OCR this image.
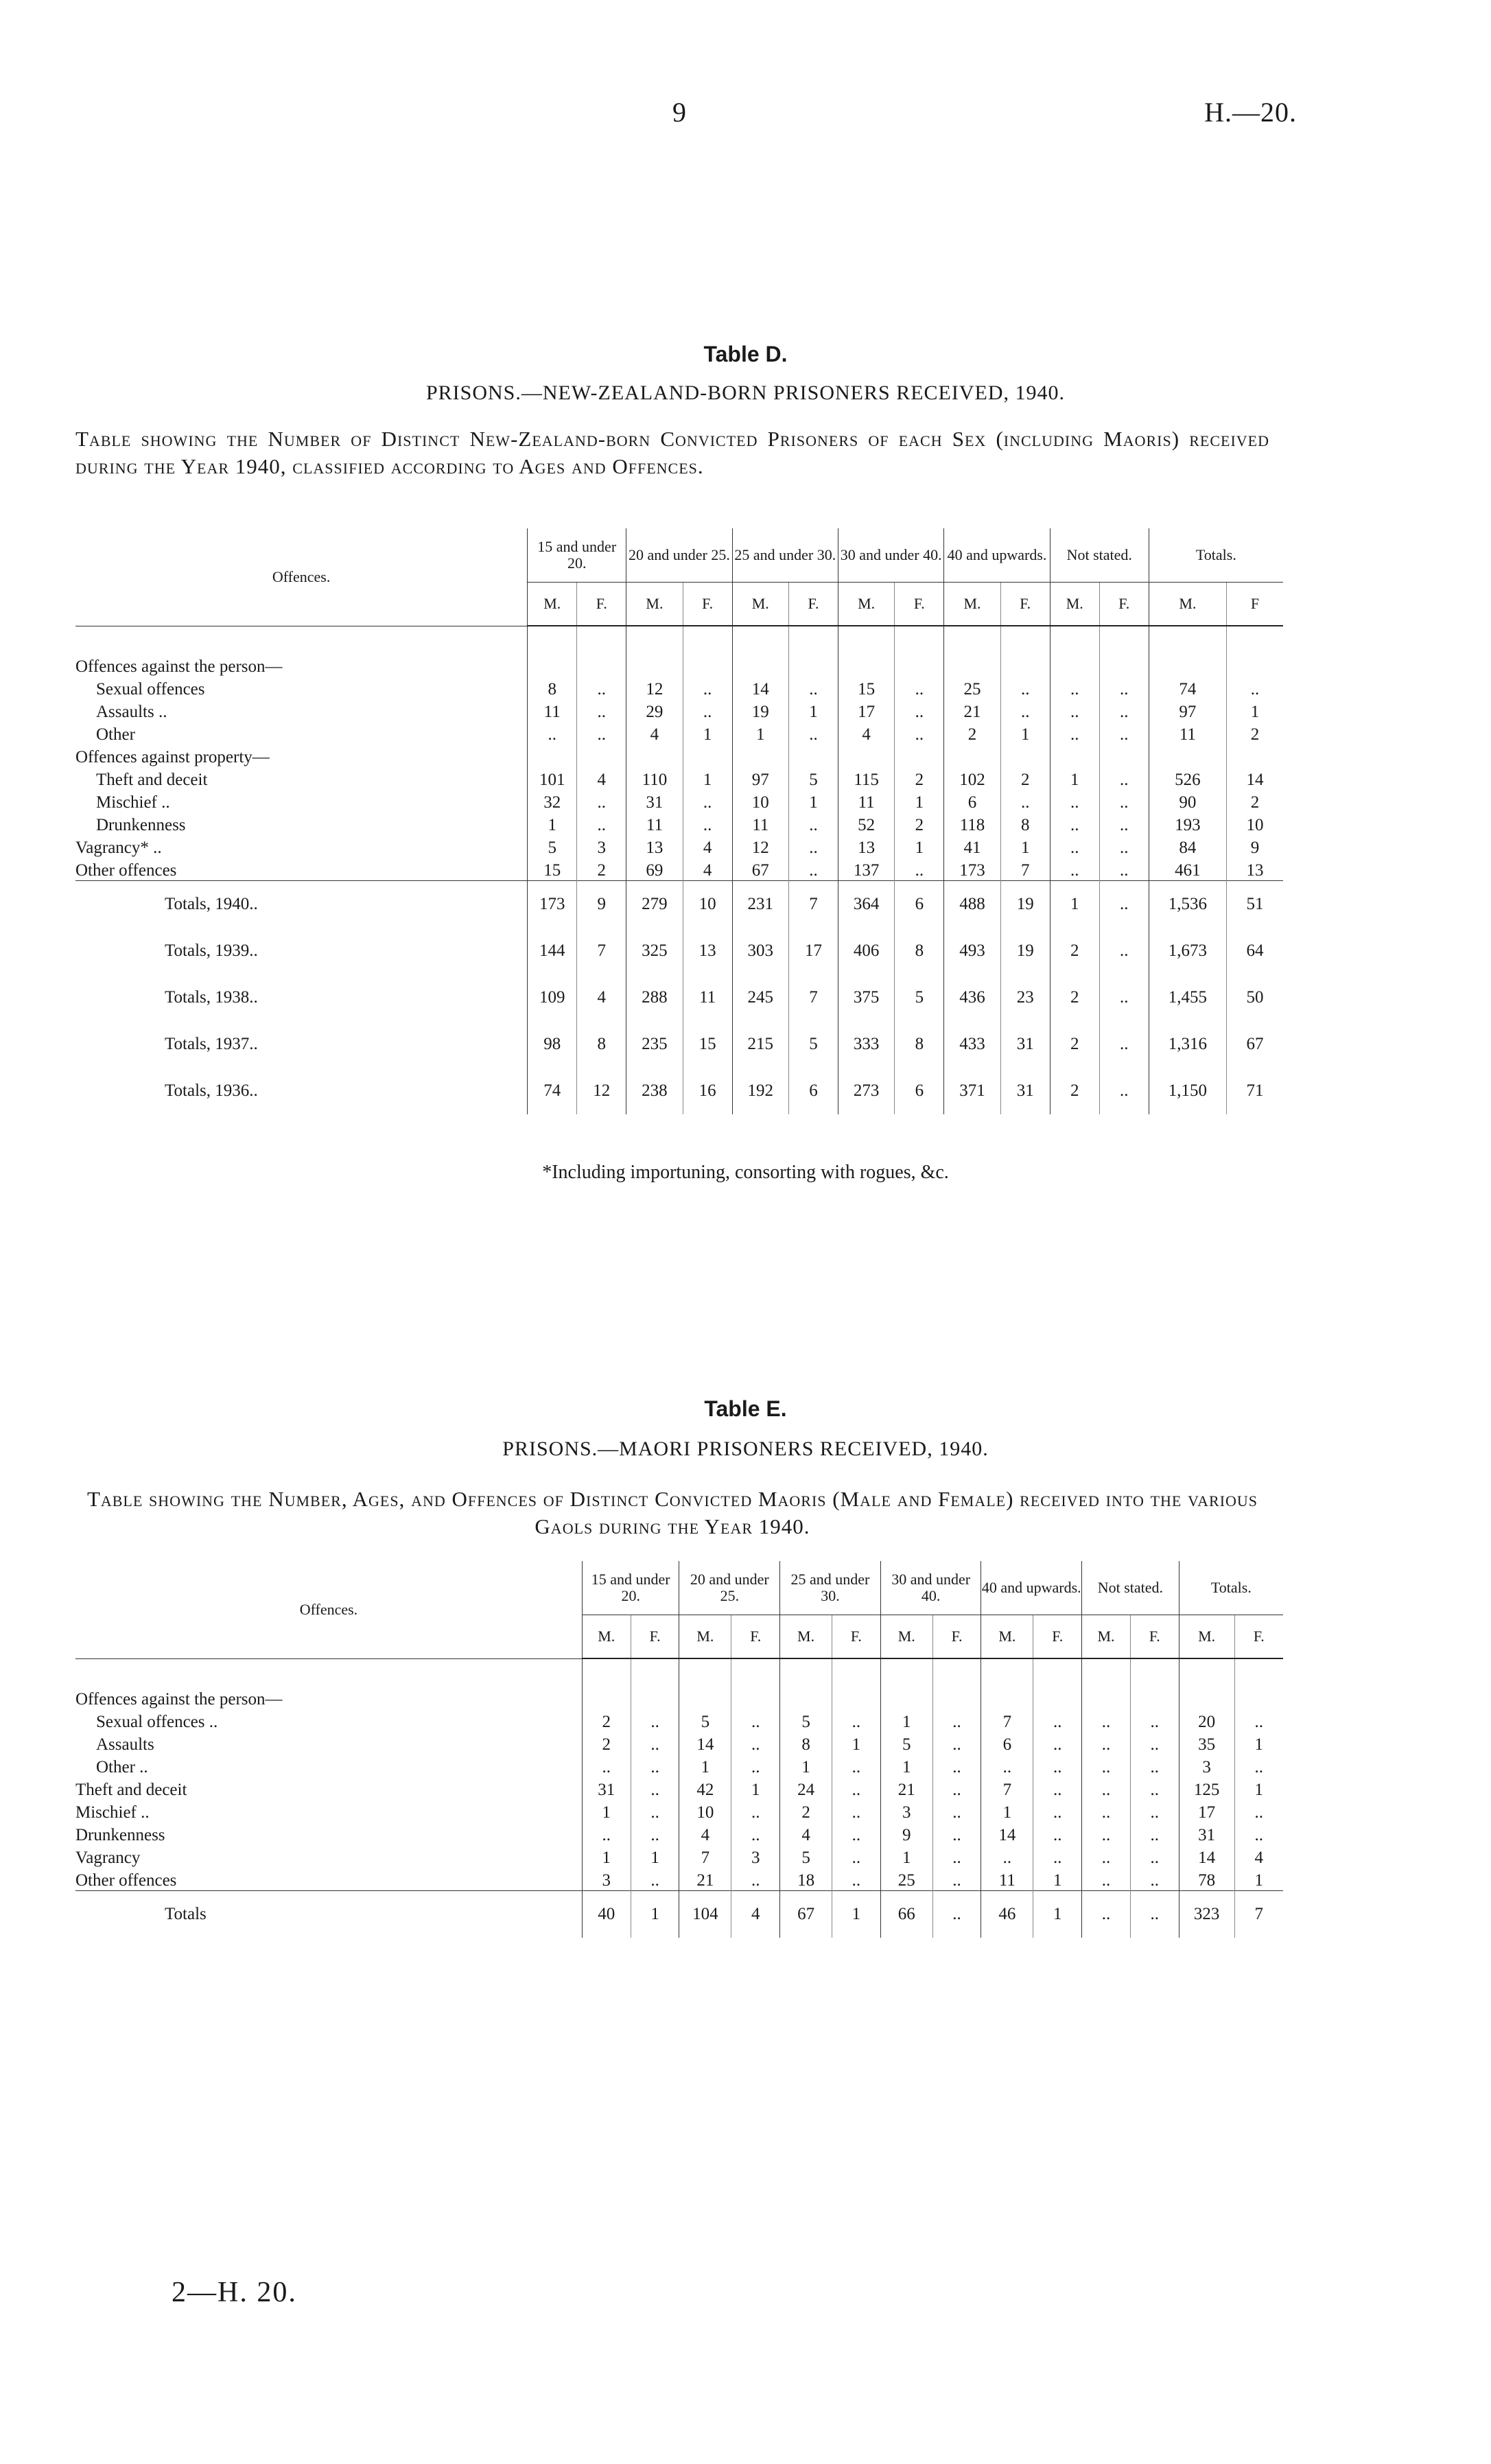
9	H.—20.
Table D.
PRISONS.—NEW-ZEALAND-BORN PRISONERS RECEIVED, 1940.
Table showing the Number of Distinct New-Zealand-born Convicted Prisoners of each Sex (including Maoris) received during the Year 1940, classified according to Ages and Offences.
Offences.	15 and under 20.		20 and under 25.		25 and under 30.		30 and under 40.		40 and upwards.		Not stated.		Totals.	
	M.	F.	M.	F.	M.	F.	M.	F.	M.	F.	M.	F.	M.	F
Offences against the person—														
Sexual offences	8	..	12	..	14	..	15	..	25	..	..	..	74	..
Assaults ..	11	..	29	..	19	1	17	..	21	..	..	..	97	1
Other	..	..	4	1	1	..	4	..	2	1	..	..	11	2
Offences against property—														
Theft and deceit	101	4	110	1	97	5	115	2	102	2	1	..	526	14
Mischief ..	32	..	31	..	10	1	11	1	6	..	..	..	90	2
Drunkenness	1	..	11	..	11	..	52	2	118	8	..	..	193	10
Vagrancy* ..	5	3	13	4	12	..	13	1	41	1	..	..	84	9
Other offences	15	2	69	4	67	..	137	..	173	7	..	..	461	13
Totals, 1940..	173	9	279	10	231	7	364	6	488	19	1	..	1,536	51
Totals, 1939..	144	7	325	13	303	17	406	8	493	19	2	..	1,673	64
Totals, 1938..	109	4	288	11	245	7	375	5	436	23	2	..	1,455	50
Totals, 1937..	98	8	235	15	215	5	333	8	433	31	2	..	1,316	67
Totals, 1936..	74	12	238	16	192	6	273	6	371	31	2	..	1,150	71
*Including importuning, consorting with rogues, &c.
Table E.
PRISONS.—MAORI PRISONERS RECEIVED, 1940.
Table showing the Number, Ages, and Offences of Distinct Convicted Maoris (Male and Female) received into the various Gaols during the Year 1940.
Offences.	15 and under 20.		20 and under 25.		25 and under 30.		30 and under 40.		40 and upwards.		Not stated.		Totals.	
	M.	F.	M.	F.	M.	F.	M.	F.	M.	F.	M.	F.	M.	F.
Offences against the person—														
Sexual offences ..	2	..	5	..	5	..	1	..	7	..	..	..	20	..
Assaults	2	..	14	..	8	1	5	..	6	..	..	..	35	1
Other ..	..	..	1	..	1	..	1	..	..	..	..	..	3	..
Theft and deceit	31	..	42	1	24	..	21	..	7	..	..	..	125	1
Mischief ..	1	..	10	..	2	..	3	..	1	..	..	..	17	..
Drunkenness	..	..	4	..	4	..	9	..	14	..	..	..	31	..
Vagrancy	1	1	7	3	5	..	1	..	..	..	..	..	14	4
Other offences	3	..	21	..	18	..	25	..	11	1	..	..	78	1
Totals	40	1	104	4	67	1	66	..	46	1	..	..	323	7
2—H. 20.
